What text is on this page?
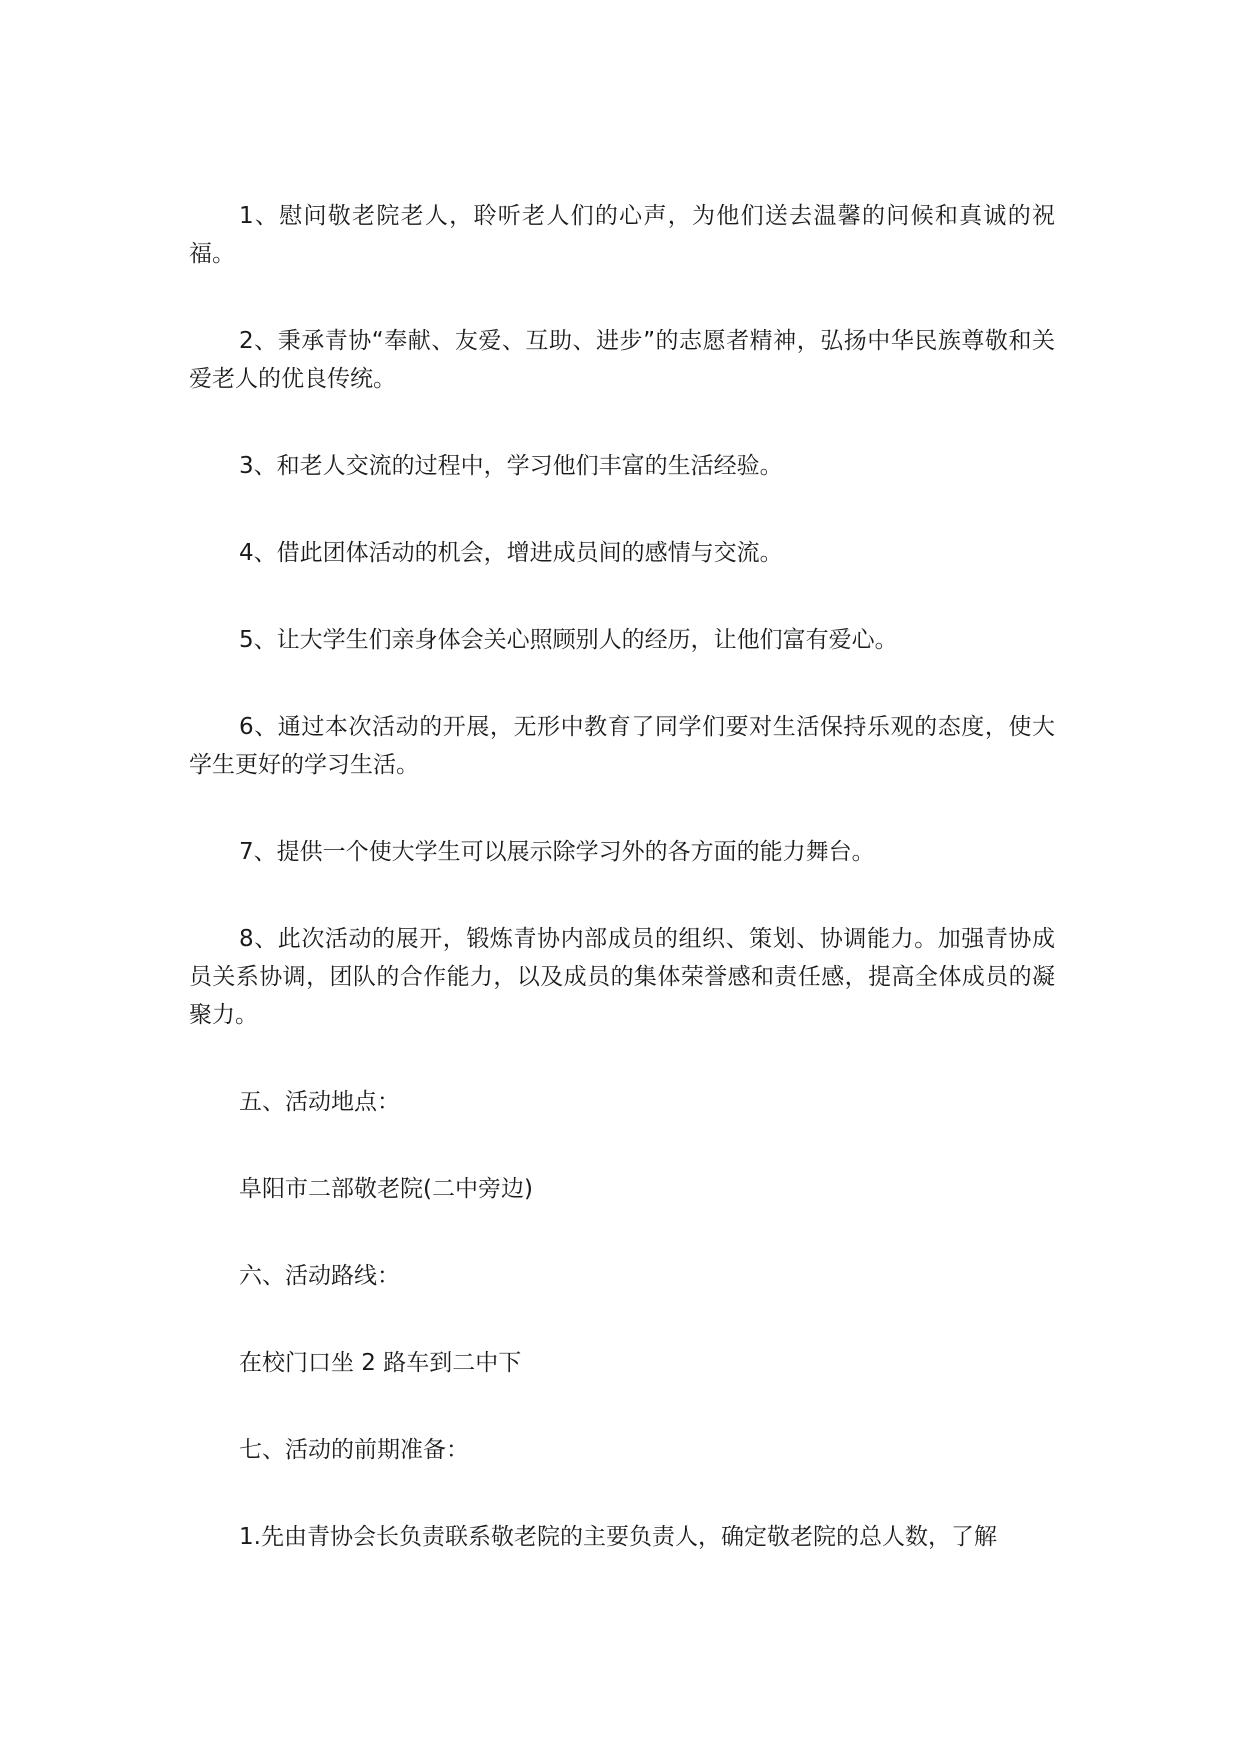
1、慰问敬老院老人，聆听老人们的心声，为他们送去温馨的问候和真诚的祝福。

2、秉承青协“奉献、友爱、互助、进步”的志愿者精神，弘扬中华民族尊敬和关爱老人的优良传统。

3、和老人交流的过程中，学习他们丰富的生活经验。

4、借此团体活动的机会，增进成员间的感情与交流。

5、让大学生们亲身体会关心照顾别人的经历，让他们富有爱心。

6、通过本次活动的开展，无形中教育了同学们要对生活保持乐观的态度，使大学生更好的学习生活。

7、提供一个使大学生可以展示除学习外的各方面的能力舞台。

8、此次活动的展开，锻炼青协内部成员的组织、策划、协调能力。加强青协成员关系协调，团队的合作能力，以及成员的集体荣誉感和责任感，提高全体成员的凝聚力。

五、活动地点：

阜阳市二部敬老院(二中旁边)

六、活动路线：

在校门口坐 2 路车到二中下

七、活动的前期准备：

1.先由青协会长负责联系敬老院的主要负责人，确定敬老院的总人数，了解
